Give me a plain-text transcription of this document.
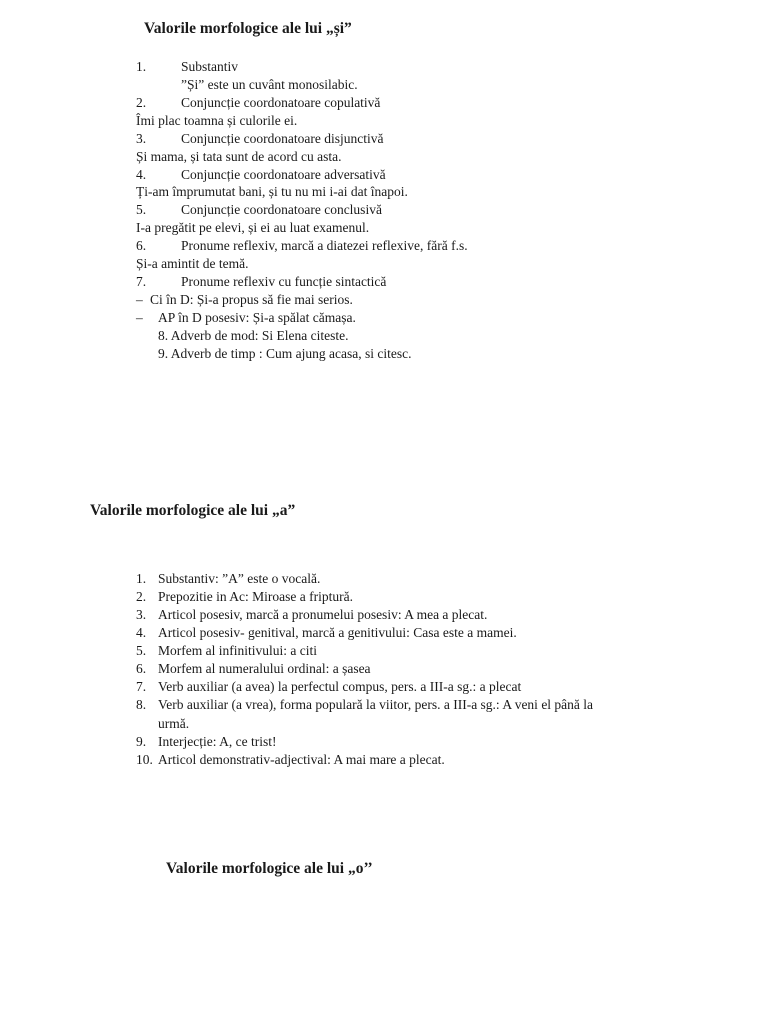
Valorile morfologice ale lui „și”
1.	Substantiv
”Și” este un cuvânt monosilabic.
2.	Conjuncție coordonatoare copulativă
Îmi plac toamna și culorile ei.
3.	Conjuncție coordonatoare disjunctivă
Și mama, și tata sunt de acord cu asta.
4.	Conjuncție coordonatoare adversativă
Ți-am împrumutat bani, și tu nu mi i-ai dat înapoi.
5.	Conjuncție coordonatoare conclusivă
I-a pregătit pe elevi, și ei au luat examenul.
6.	Pronume reflexiv, marcă a diatezei reflexive, fără f.s.
Și-a amintit de temă.
7.	Pronume reflexiv cu funcție sintactică
– Ci în D: Și-a propus să fie mai serios.
– AP în D posesiv: Și-a spălat cămașa.
8. Adverb de mod: Si Elena citeste.
9. Adverb de timp : Cum ajung acasa, si citesc.
Valorile morfologice ale lui „a”
1. Substantiv: ”A” este o vocală.
2. Prepozitie in Ac: Miroase a friptură.
3. Articol posesiv, marcă a pronumelui posesiv: A mea a plecat.
4. Articol posesiv- genitival, marcă a genitivului: Casa este a mamei.
5. Morfem al infinitivului: a citi
6. Morfem al numeralului ordinal: a șasea
7. Verb auxiliar (a avea) la perfectul compus, pers. a III-a sg.: a plecat
8. Verb auxiliar (a vrea), forma populară la viitor, pers. a III-a sg.: A veni el până la
urmă.
9. Interjecție: A, ce trist!
10. Articol demonstrativ-adjectival: A mai mare a plecat.
Valorile morfologice ale lui „o’’
